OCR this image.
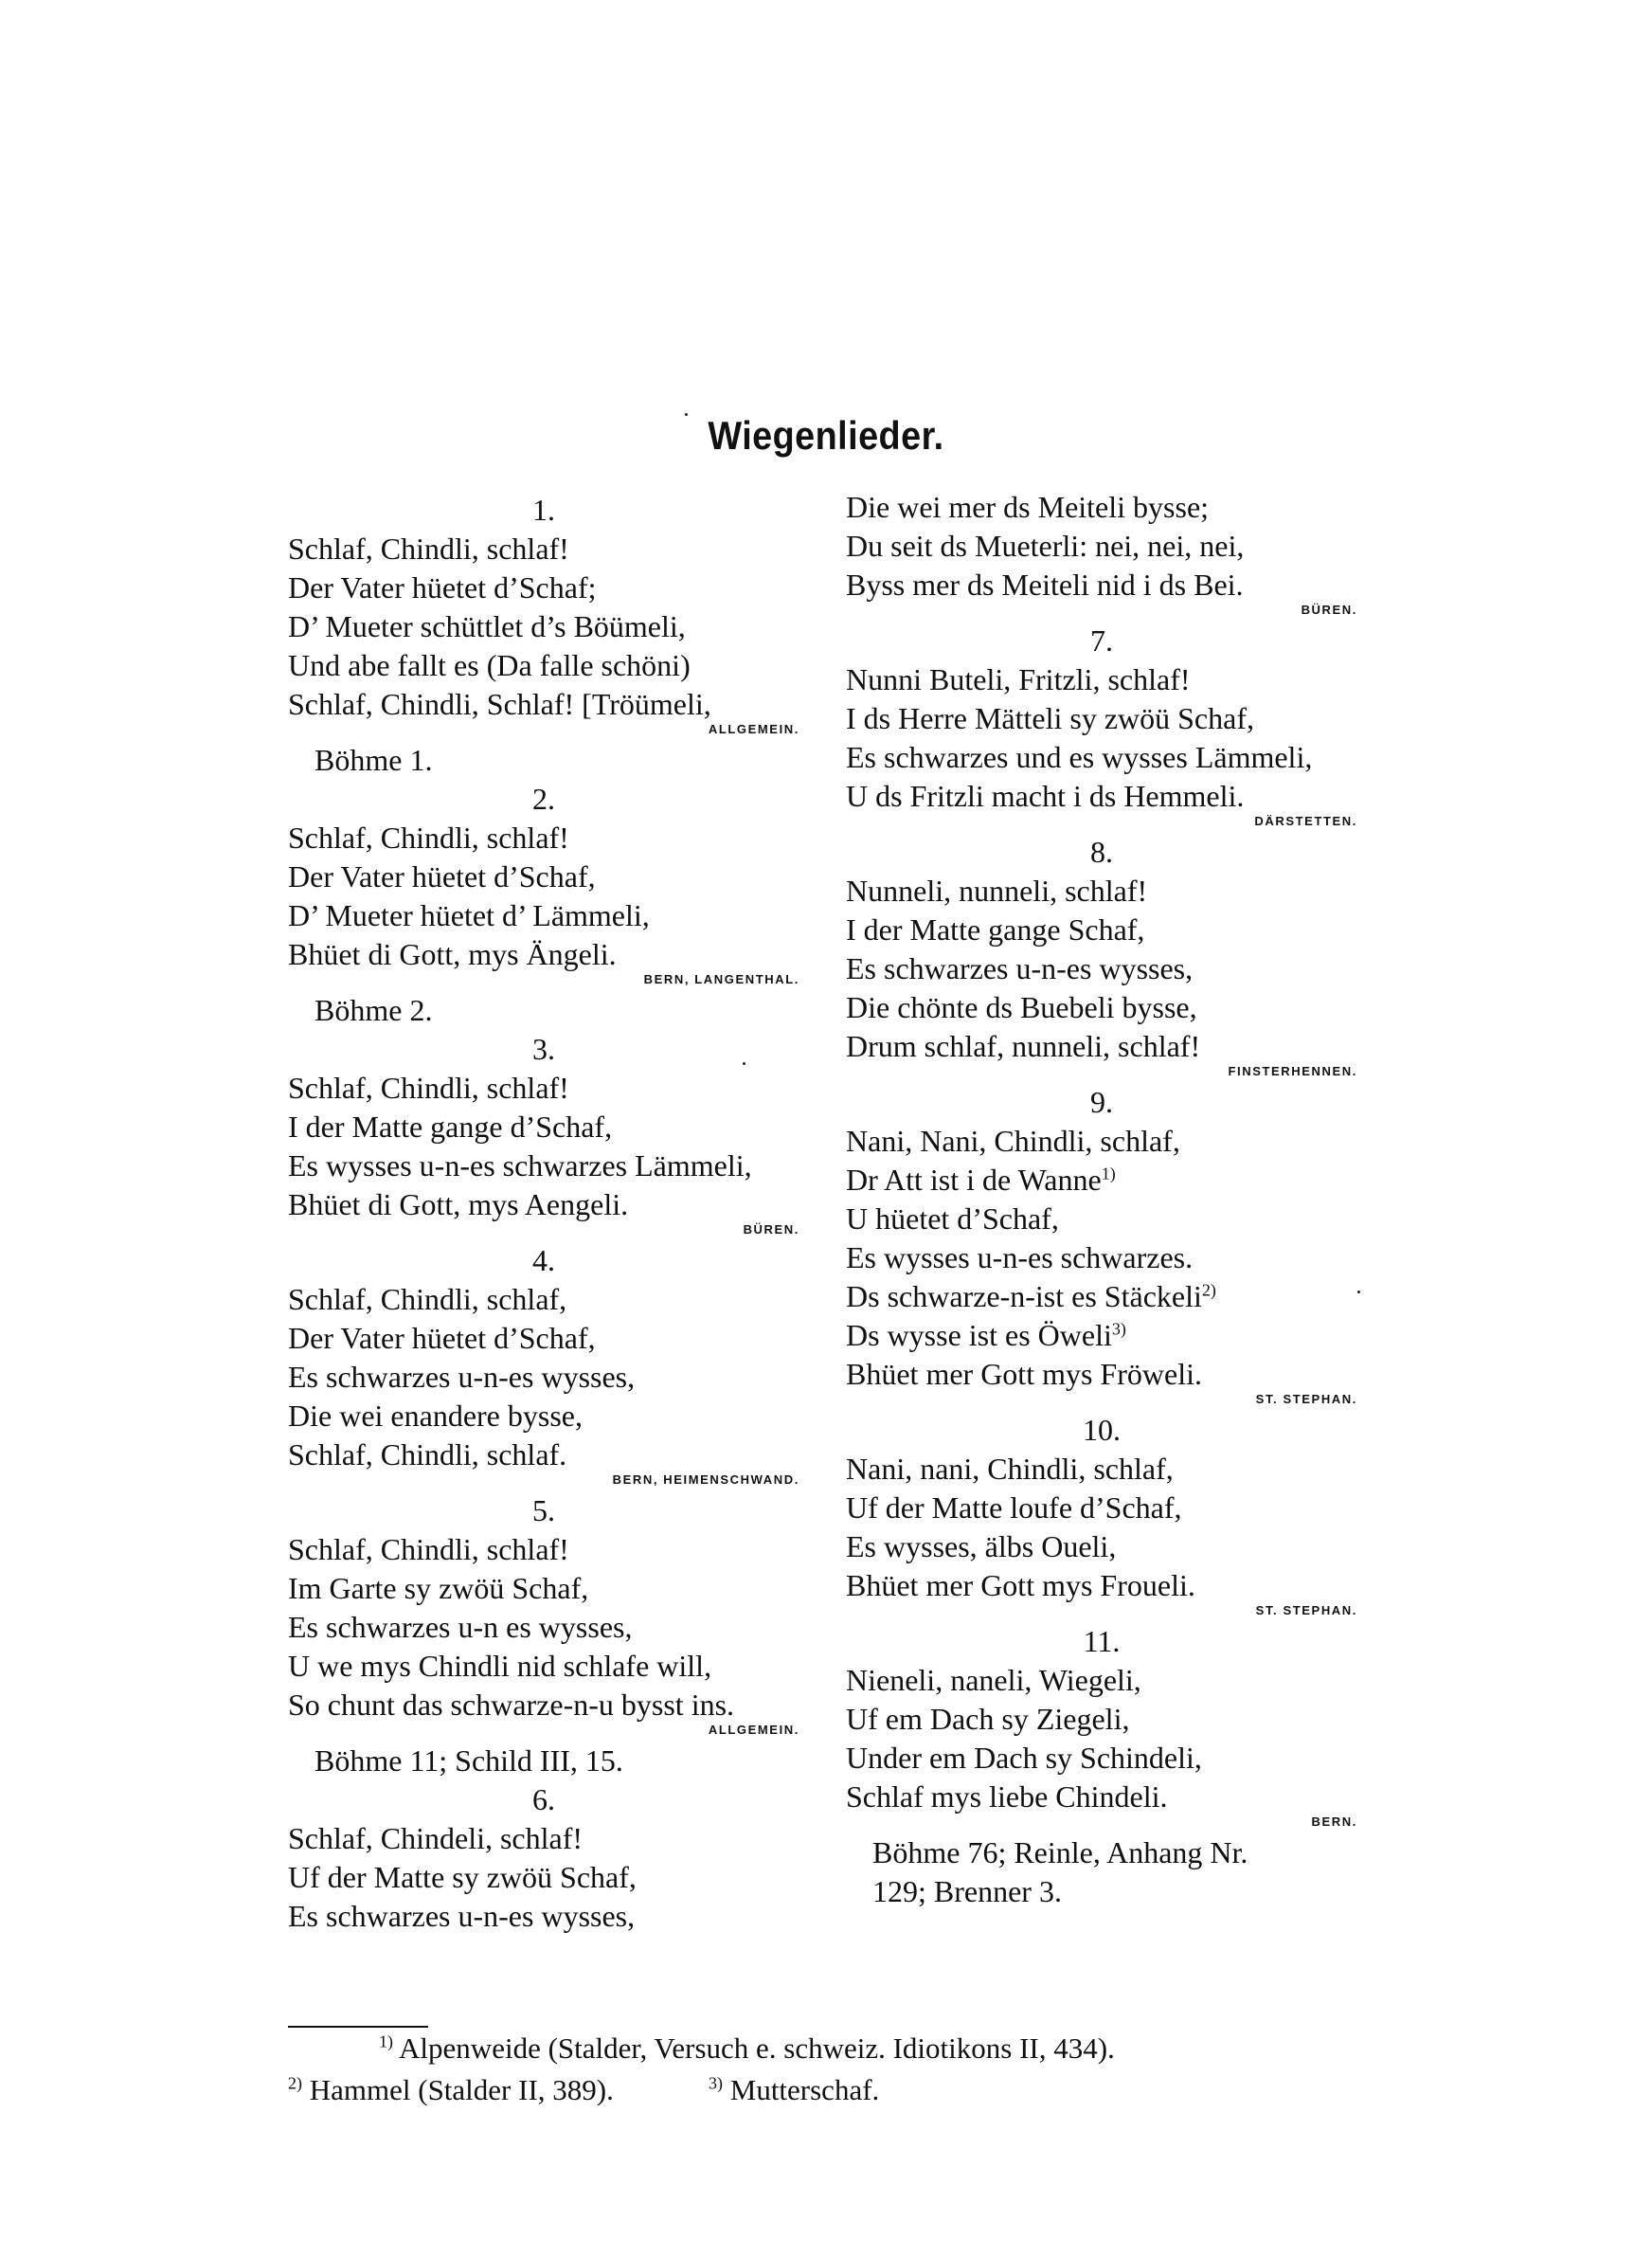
Wiegenlieder.
1.
Schlaf, Chindli, schlaf!
Der Vater hüetet d’Schaf;
D’ Mueter schüttlet d’s Böümeli,
Und abe fallt es (Da falle schöni)
Schlaf, Chindli, Schlaf! [Tröümeli,
ALLGEMEIN.
Böhme 1.
2.
Schlaf, Chindli, schlaf!
Der Vater hüetet d’Schaf,
D’ Mueter hüetet d’ Lämmeli,
Bhüet di Gott, mys Ängeli.
BERN, LANGENTHAL.
Böhme 2.
3.
Schlaf, Chindli, schlaf!
I der Matte gange d’Schaf,
Es wysses u-n-es schwarzes Lämmeli,
Bhüet di Gott, mys Aengeli.
BÜREN.
4.
Schlaf, Chindli, schlaf,
Der Vater hüetet d’Schaf,
Es schwarzes u-n-es wysses,
Die wei enandere bysse,
Schlaf, Chindli, schlaf.
BERN, HEIMENSCHWAND.
5.
Schlaf, Chindli, schlaf!
Im Garte sy zwöü Schaf,
Es schwarzes u-n es wysses,
U we mys Chindli nid schlafe will,
So chunt das schwarze-n-u bysst ins.
ALLGEMEIN.
Böhme 11; Schild III, 15.
6.
Schlaf, Chindeli, schlaf!
Uf der Matte sy zwöü Schaf,
Es schwarzes u-n-es wysses,
Die wei mer ds Meiteli bysse;
Du seit ds Mueterli: nei, nei, nei,
Byss mer ds Meiteli nid i ds Bei.
BÜREN.
7.
Nunni Buteli, Fritzli, schlaf!
I ds Herre Mätteli sy zwöü Schaf,
Es schwarzes und es wysses Lämmeli,
U ds Fritzli macht i ds Hemmeli.
DÄRSTETTEN.
8.
Nunneli, nunneli, schlaf!
I der Matte gange Schaf,
Es schwarzes u-n-es wysses,
Die chönte ds Buebeli bysse,
Drum schlaf, nunneli, schlaf!
FINSTERHENNEN.
9.
Nani, Nani, Chindli, schlaf,
Dr Att ist i de Wanne$^{1)}$
U hüetet d’Schaf,
Es wysses u-n-es schwarzes.
Ds schwarze-n-ist es Stäckeli$^{2)}$
Ds wysse ist es Öweli$^{3)}$
Bhüet mer Gott mys Fröweli.
ST. STEPHAN.
10.
Nani, nani, Chindli, schlaf,
Uf der Matte loufe d’Schaf,
Es wysses, älbs Oueli,
Bhüet mer Gott mys Froueli.
ST. STEPHAN.
11.
Nieneli, naneli, Wiegeli,
Uf em Dach sy Ziegeli,
Under em Dach sy Schindeli,
Schlaf mys liebe Chindeli.
BERN.
Böhme 76; Reinle, Anhang Nr.
129; Brenner 3.
$^{1)}$ Alpenweide (Stalder, Versuch e. schweiz. Idiotikons II, 434).
$^{2)}$ Hammel (Stalder II, 389).	$^{3)}$ Mutterschaf.
